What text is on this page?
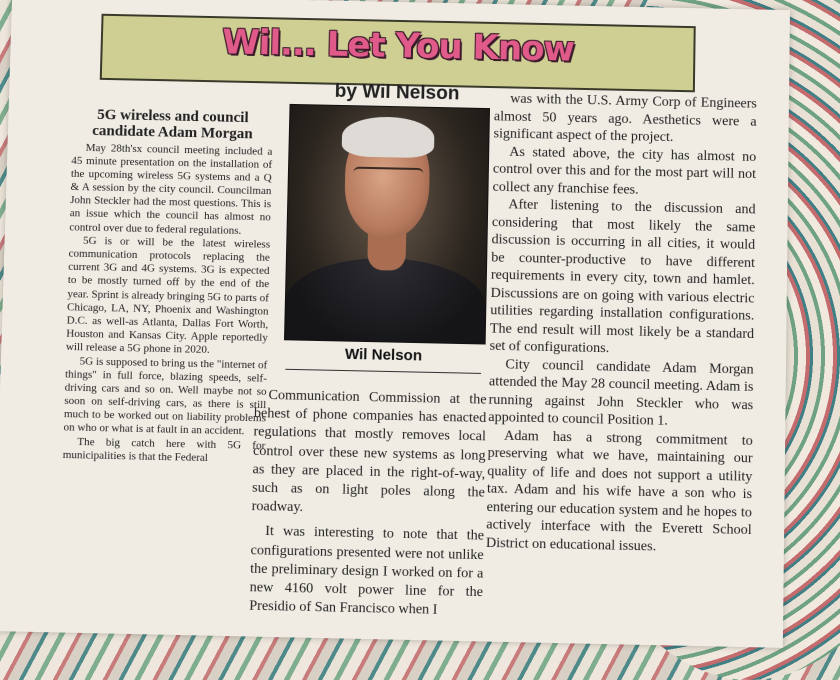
Wil... Let You Know
by Wil Nelson
5G wireless and council candidate Adam Morgan

May 28th'sx council meeting included a 45 minute presentation on the installation of the upcoming wireless 5G systems and a Q & A session by the city council. Councilman John Steckler had the most questions. This is an issue which the council has almost no control over due to federal regulations.

5G is or will be the latest wireless communication protocols replacing the current 3G and 4G systems. 3G is expected to be mostly turned off by the end of the year. Sprint is already bringing 5G to parts of Chicago, LA, NY, Phoenix and Washington D.C. as well-as Atlanta, Dallas Fort Worth, Houston and Kansas City. Apple reportedly will release a 5G phone in 2020.

5G is supposed to bring us the "internet of things" in full force, blazing speeds, self-driving cars and so on. Well maybe not so soon on self-driving cars, as there is still much to be worked out on liability problems on who or what is at fault in an accident.

The big catch here with 5G for municipalities is that the Federal

Wil Nelson

Communication Commission at the behest of phone companies has enacted regulations that mostly removes local control over these new systems as long as they are placed in the right-of-way, such as on light poles along the roadway.

It was interesting to note that the configurations presented were not unlike the preliminary design I worked on for a new 4160 volt power line for the Presidio of San Francisco when I

was with the U.S. Army Corp of Engineers almost 50 years ago. Aesthetics were a significant aspect of the project.

As stated above, the city has almost no control over this and for the most part will not collect any franchise fees.

After listening to the discussion and considering that most likely the same discussion is occurring in all cities, it would be counter-productive to have different requirements in every city, town and hamlet. Discussions are on going with various electric utilities regarding installation configurations. The end result will most likely be a standard set of configurations.

City council candidate Adam Morgan attended the May 28 council meeting. Adam is running against John Steckler who was appointed to council Position 1.

Adam has a strong commitment to preserving what we have, maintaining our quality of life and does not support a utility tax. Adam and his wife have a son who is entering our education system and he hopes to actively interface with the Everett School District on educational issues.
